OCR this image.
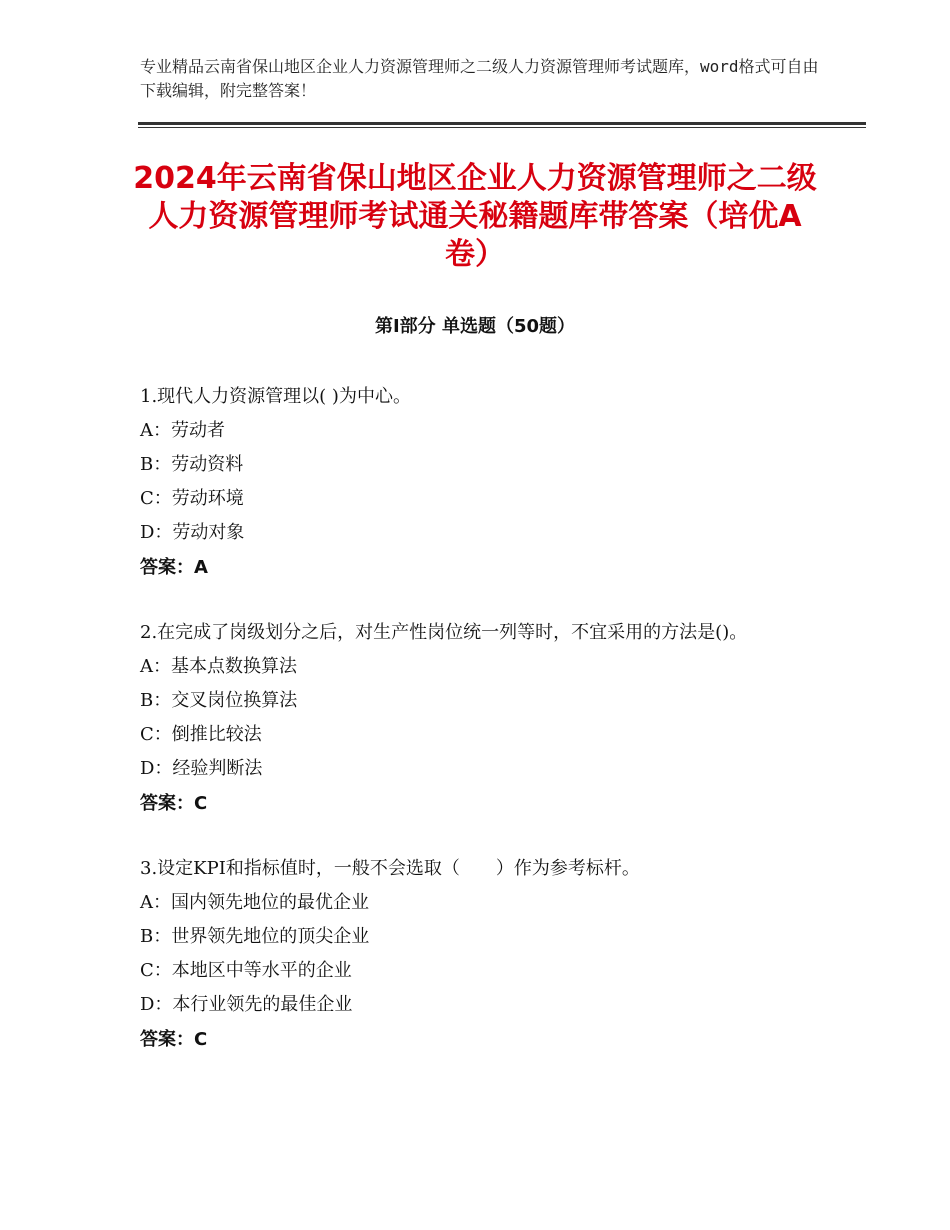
专业精品云南省保山地区企业人力资源管理师之二级人力资源管理师考试题库，word格式可自由下载编辑，附完整答案！
2024年云南省保山地区企业人力资源管理师之二级人力资源管理师考试通关秘籍题库带答案（培优A卷）
第Ⅰ部分 单选题（50题）
1.现代人力资源管理以( )为中心。
A：劳动者
B：劳动资料
C：劳动环境
D：劳动对象
答案：A
2.在完成了岗级划分之后，对生产性岗位统一列等时，不宜采用的方法是()。
A：基本点数换算法
B：交叉岗位换算法
C：倒推比较法
D：经验判断法
答案：C
3.设定KPI和指标值时，一般不会选取（　　）作为参考标杆。
A：国内领先地位的最优企业
B：世界领先地位的顶尖企业
C：本地区中等水平的企业
D：本行业领先的最佳企业
答案：C
